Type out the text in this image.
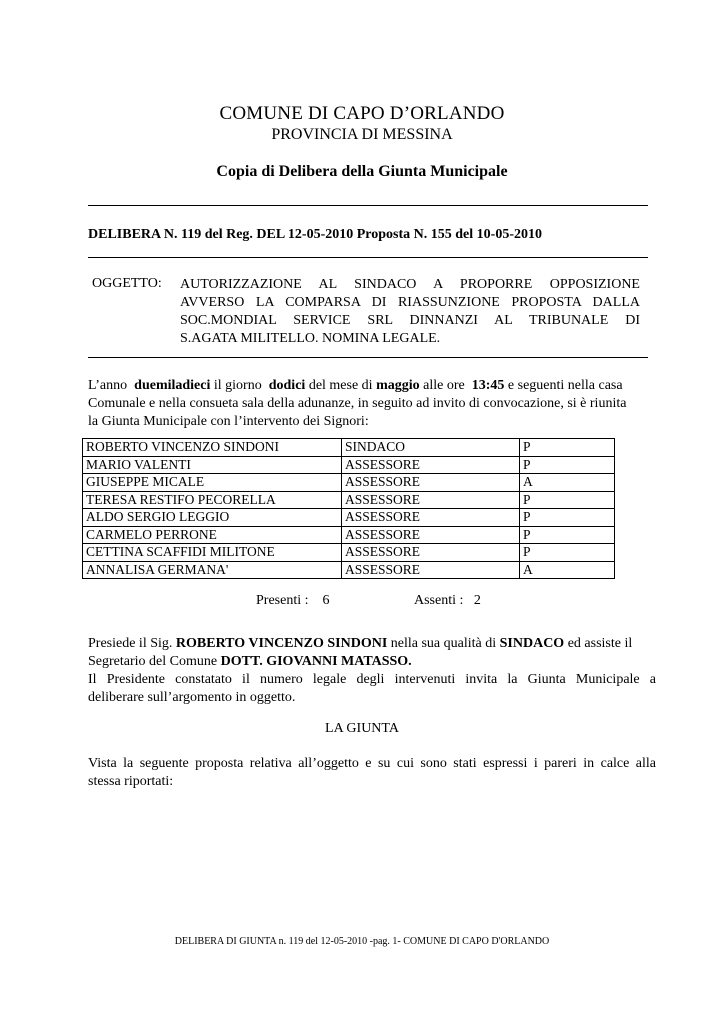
COMUNE DI CAPO D’ORLANDO
PROVINCIA DI MESSINA
Copia di Delibera della Giunta Municipale
DELIBERA N. 119 del Reg. DEL 12-05-2010 Proposta N. 155 del 10-05-2010
OGGETTO: AUTORIZZAZIONE AL SINDACO A PROPORRE OPPOSIZIONE
AVVERSO LA COMPARSA DI RIASSUNZIONE PROPOSTA DALLA
SOC.MONDIAL SERVICE SRL DINNANZI AL TRIBUNALE DI
S.AGATA MILITELLO. NOMINA LEGALE.
L’anno duemiladieci il giorno dodici del mese di maggio alle ore 13:45 e seguenti nella casa
Comunale e nella consueta sala della adunanze, in seguito ad invito di convocazione, si è riunita
la Giunta Municipale con l’intervento dei Signori:
ROBERTO VINCENZO SINDONI	SINDACO	P
MARIO VALENTI	ASSESSORE	P
GIUSEPPE MICALE	ASSESSORE	A
TERESA RESTIFO PECORELLA	ASSESSORE	P
ALDO SERGIO LEGGIO	ASSESSORE	P
CARMELO PERRONE	ASSESSORE	P
CETTINA SCAFFIDI MILITONE	ASSESSORE	P
ANNALISA GERMANA'	ASSESSORE	A
Presenti : 6	Assenti : 2
Presiede il Sig. ROBERTO VINCENZO SINDONI nella sua qualità di SINDACO ed assiste il
Segretario del Comune DOTT. GIOVANNI MATASSO.
Il Presidente constatato il numero legale degli intervenuti invita la Giunta Municipale a
deliberare sull’argomento in oggetto.
LA GIUNTA
Vista la seguente proposta relativa all’oggetto e su cui sono stati espressi i pareri in calce alla
stessa riportati:
DELIBERA DI GIUNTA n. 119 del 12-05-2010 -pag. 1- COMUNE DI CAPO D'ORLANDO
